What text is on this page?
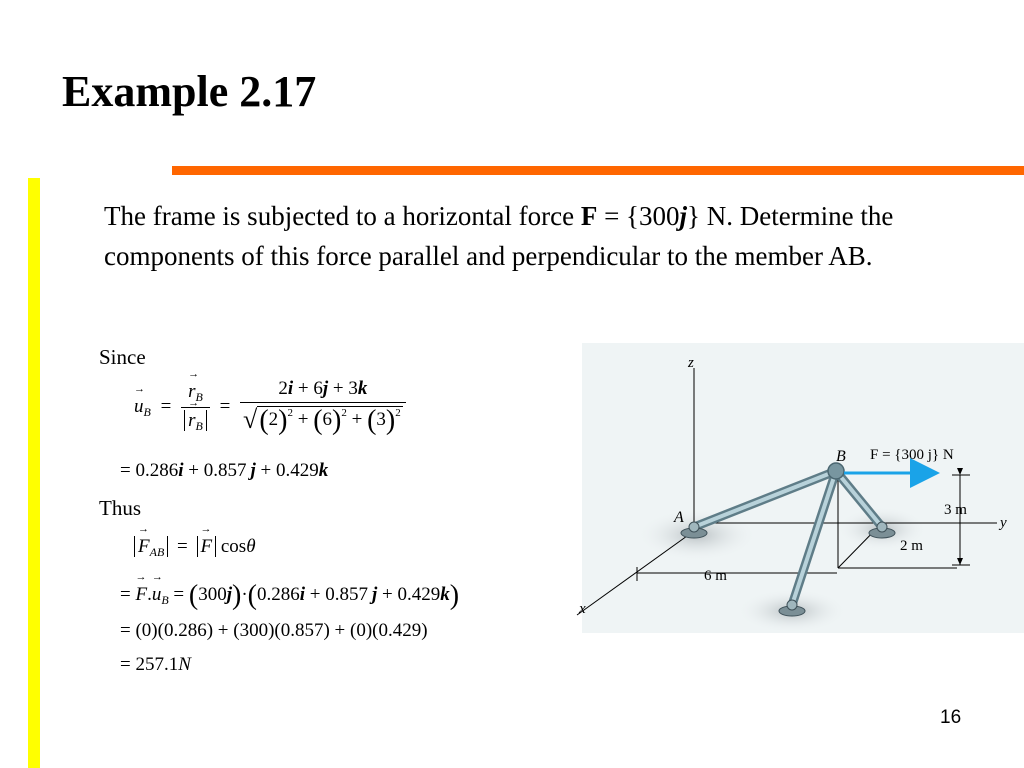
Example 2.17
The frame is subjected to a horizontal force F = {300j} N. Determine the components of this force parallel and perpendicular to the member AB.
Since
→ $u_B$ = → $r_B$
→ $r_B = \frac{2i + 6j + 3k}{√(2)^2 + (6)^2 + (3)^2}$
= 0.286i + 0.857 j + 0.429k
Thus
→ $F_{AB}$ = → F cosθ
= → $F.\to u_B = (300j)\cdot(0.286i + 0.857$ j + 0.429k)
= (0)(0.286) + (300)(0.857) + (0)(0.429)
= 257.1N
z
y
x
3 m
2 m
6 m
A
B F = {300 j} N
16
